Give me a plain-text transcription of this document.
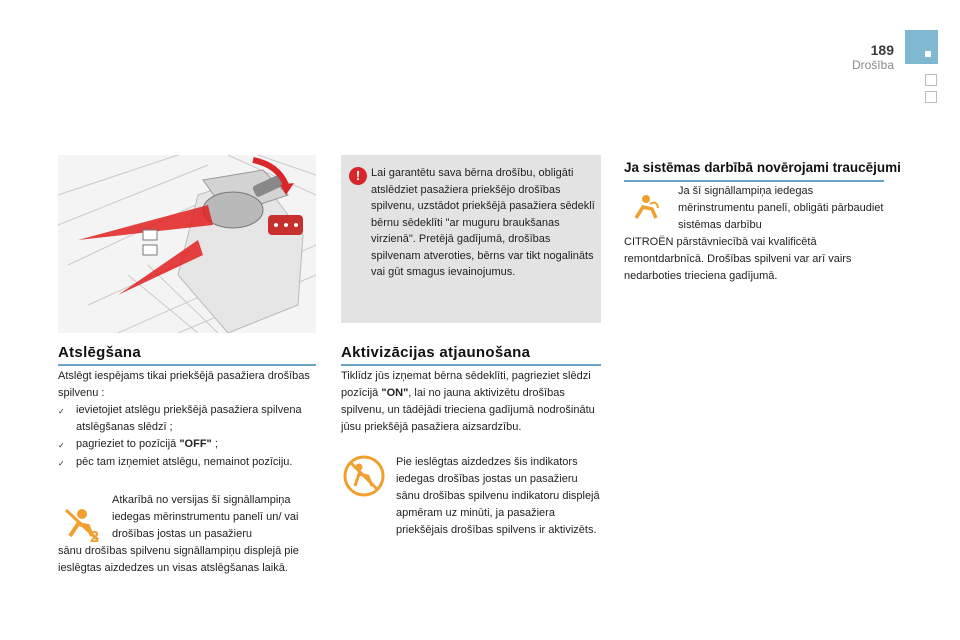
189
Drošība
Atslēgšana
Atslēgt iespējams tikai priekšējā pasažiera drošības spilvenu :
✓	ievietojiet atslēgu priekšējā pasažiera spilvena atslēgšanas slēdzī ;
✓	pagrieziet to pozīcijā "OFF" ;
✓	pēc tam izņemiet atslēgu, nemainot pozīciju.
2
Atkarībā no versijas šī signāllampiņa iedegas mērinstrumentu panelī un/ vai drošības jostas un pasažieru
sānu drošības spilvenu signāllampiņu displejā pie ieslēgtas aizdedzes un visas atslēgšanas laikā.
! Lai garantētu sava bērna drošību, obligāti atslēdziet pasažiera priekšējo drošības spilvenu, uzstādot priekšējā pasažiera sēdeklī bērnu sēdeklīti "ar muguru braukšanas virzienā". Pretējā gadījumā, drošības spilvenam atveroties, bērns var tikt nogalināts vai gūt smagus ievainojumus.
Aktivizācijas atjaunošana
Tiklīdz jūs izņemat bērna sēdeklīti, pagrieziet slēdzi pozīcijā "ON", lai no jauna aktivizētu drošības spilvenu, un tādējādi trieciena gadījumā nodrošinātu jūsu priekšējā pasažiera aizsardzību.
Pie ieslēgtas aizdedzes šis indikators iedegas drošības jostas un pasažieru sānu drošības spilvenu indikatoru displejā apmēram uz minūti, ja pasažiera priekšējais drošības spilvens ir aktivizēts.
Ja sistēmas darbībā novērojami traucējumi
Ja šī signāllampiņa iedegas mērinstrumentu panelī, obligāti pārbaudiet sistēmas darbību
CITROËN pārstāvniecībā vai kvalificētā remontdarbnīcā. Drošības spilveni var arī vairs nedarboties trieciena gadījumā.
